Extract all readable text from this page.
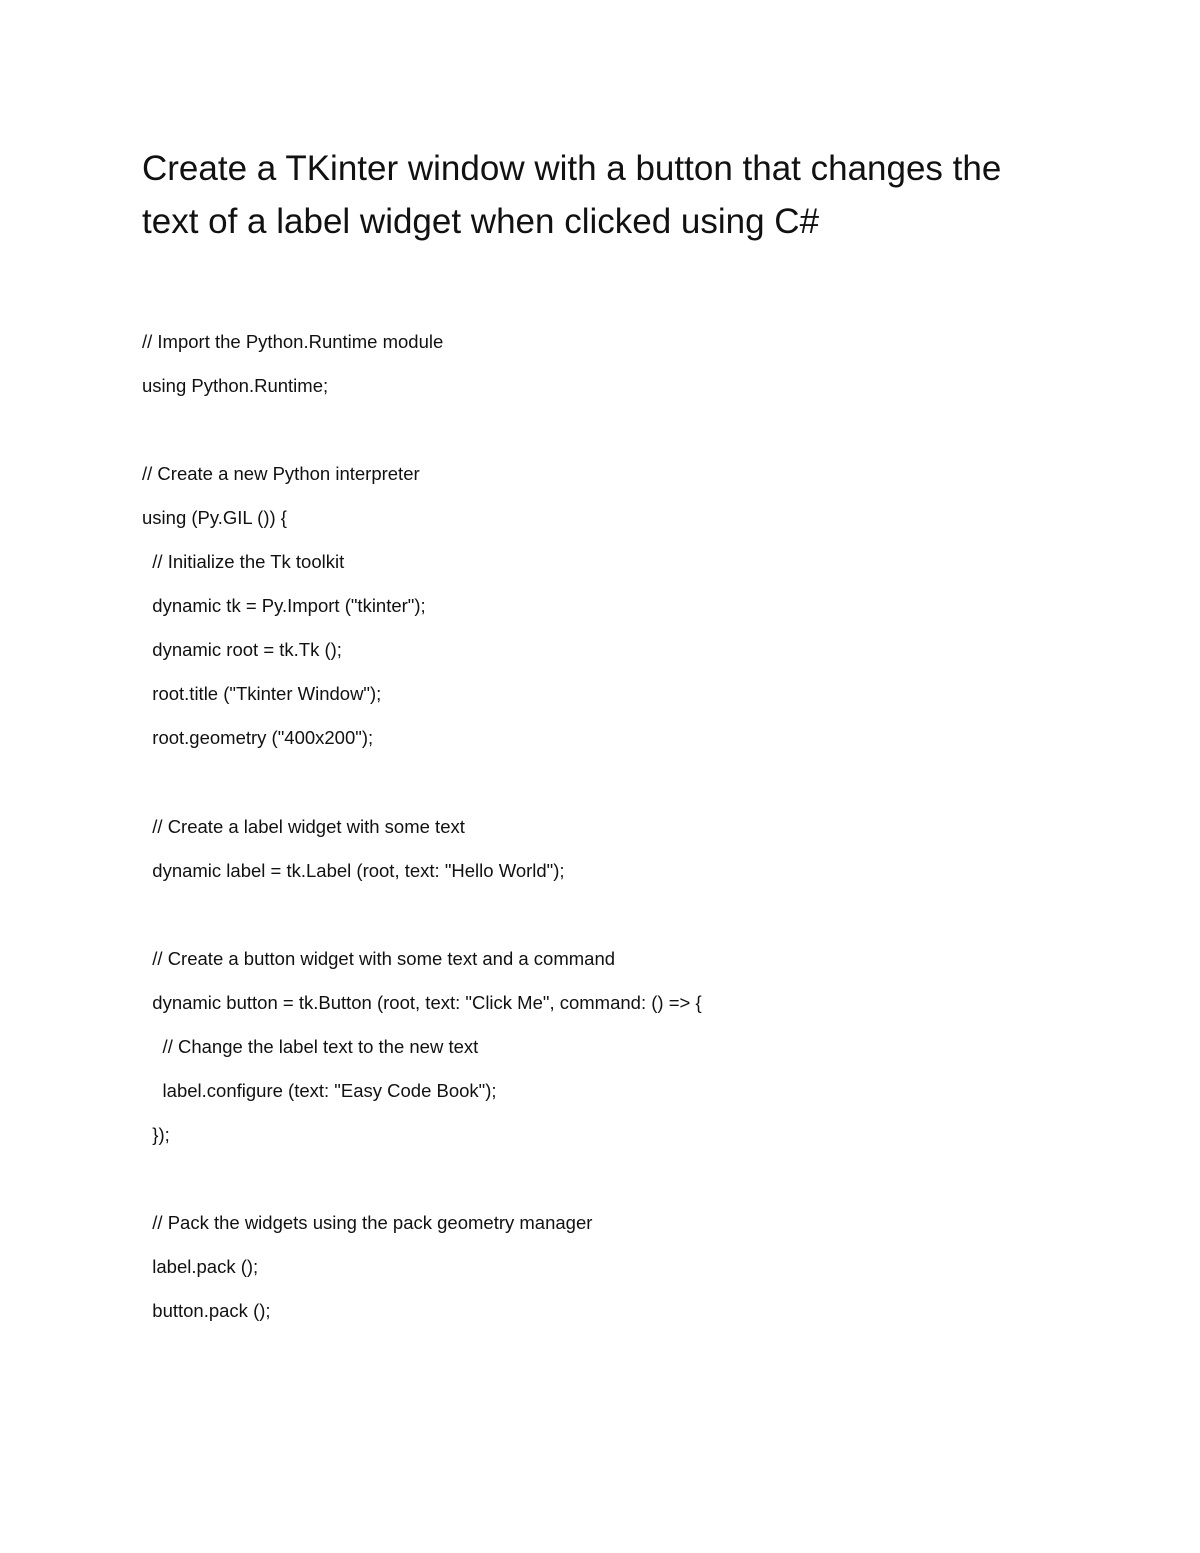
Create a TKinter window with a button that changes the text of a label widget when clicked using C#
// Import the Python.Runtime module
using Python.Runtime;
// Create a new Python interpreter
using (Py.GIL ()) {
// Initialize the Tk toolkit
dynamic tk = Py.Import ("tkinter");
dynamic root = tk.Tk ();
root.title ("Tkinter Window");
root.geometry ("400x200");
// Create a label widget with some text
dynamic label = tk.Label (root, text: "Hello World");
// Create a button widget with some text and a command
dynamic button = tk.Button (root, text: "Click Me", command: () => {
// Change the label text to the new text
label.configure (text: "Easy Code Book");
});
// Pack the widgets using the pack geometry manager
label.pack ();
button.pack ();
